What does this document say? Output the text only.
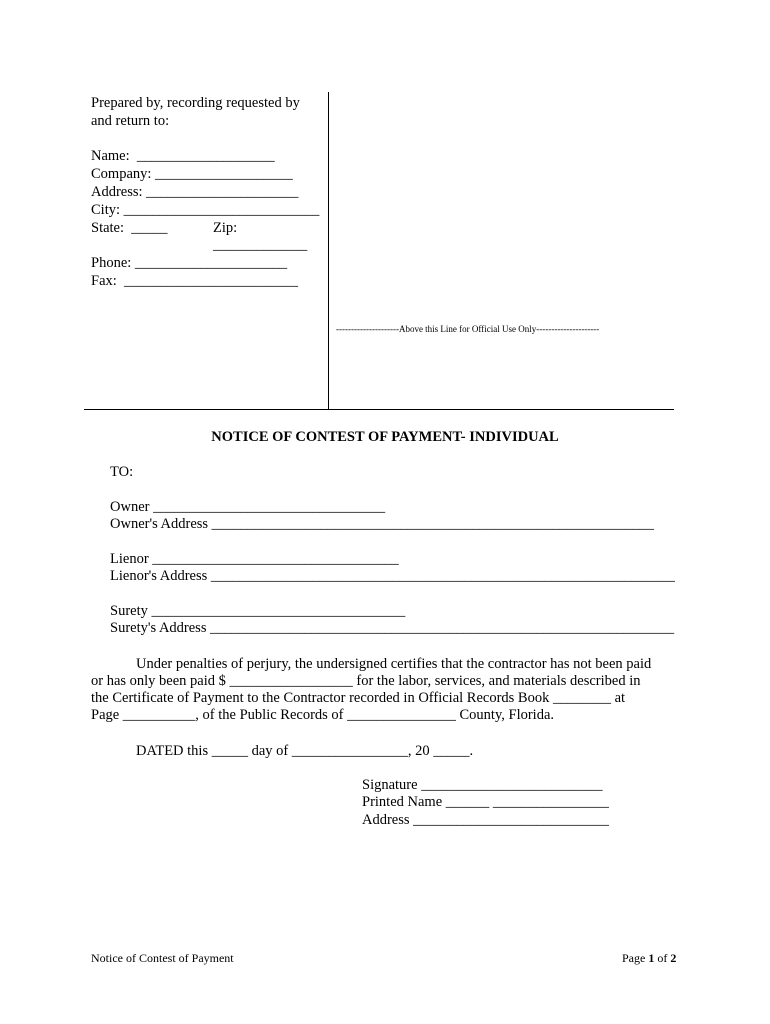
Prepared by, recording requested by
and return to:
Name:  ___________________
Company: ___________________
Address: _____________________
City: ___________________________
State:  _____	Zip:
_____________
Phone: _____________________
Fax:  ________________________
---------------------Above this Line for Official Use Only---------------------
NOTICE OF CONTEST OF PAYMENT- INDIVIDUAL
TO:
Owner ________________________________
Owner's Address _____________________________________________________________
Lienor __________________________________
Lienor's Address ________________________________________________________________
Surety ___________________________________
Surety's Address ________________________________________________________________
Under penalties of perjury, the undersigned certifies that the contractor has not been paid
or has only been paid $ _________________ for the labor, services, and materials described in
the Certificate of Payment to the Contractor recorded in Official Records Book ________ at
Page __________, of the Public Records of _______________ County, Florida.
DATED this _____ day of ________________, 20 _____.
Signature _________________________
Printed Name ______ ________________
Address ___________________________
Notice of Contest of Payment	Page 1 of 2
